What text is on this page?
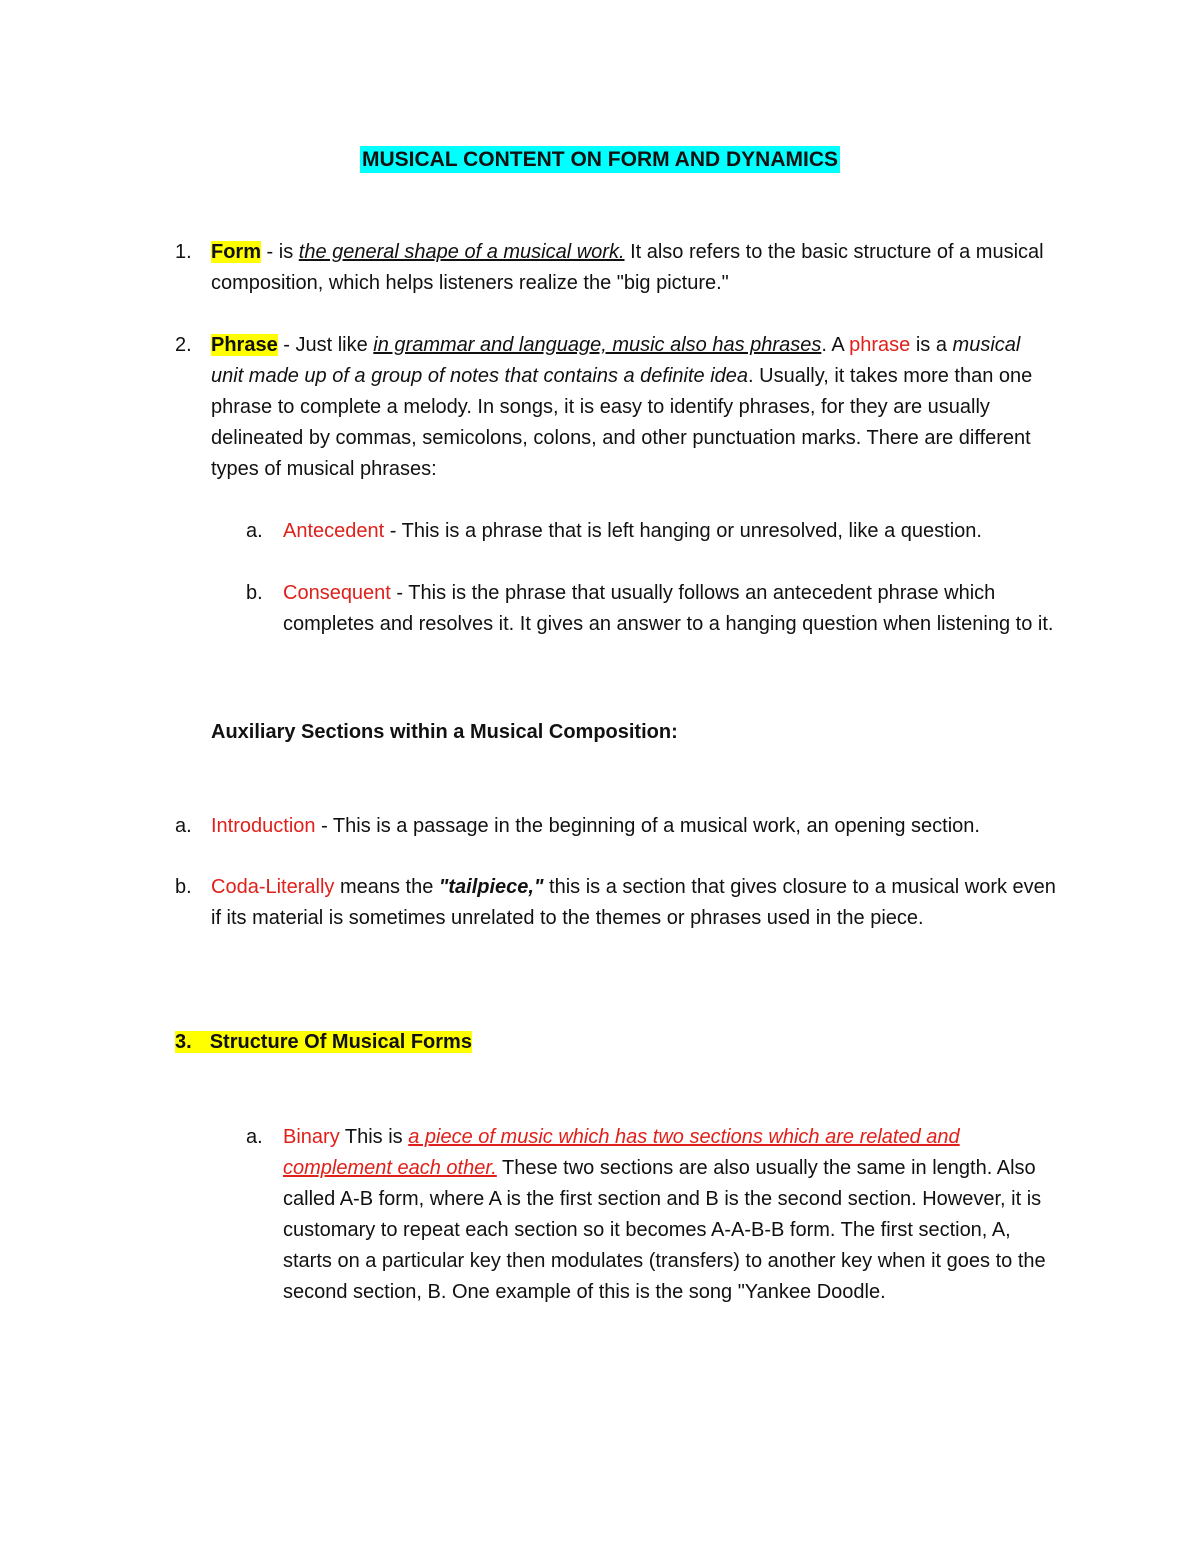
MUSICAL CONTENT ON FORM AND DYNAMICS
1. Form - is the general shape of a musical work. It also refers to the basic structure of a musical composition, which helps listeners realize the "big picture."
2. Phrase - Just like in grammar and language, music also has phrases. A phrase is a musical unit made up of a group of notes that contains a definite idea. Usually, it takes more than one phrase to complete a melody. In songs, it is easy to identify phrases, for they are usually delineated by commas, semicolons, colons, and other punctuation marks. There are different types of musical phrases:
a. Antecedent - This is a phrase that is left hanging or unresolved, like a question.
b. Consequent - This is the phrase that usually follows an antecedent phrase which completes and resolves it. It gives an answer to a hanging question when listening to it.
Auxiliary Sections within a Musical Composition:
a. Introduction - This is a passage in the beginning of a musical work, an opening section.
b. Coda-Literally means the "tailpiece," this is a section that gives closure to a musical work even if its material is sometimes unrelated to the themes or phrases used in the piece.
3. Structure Of Musical Forms
a. Binary This is a piece of music which has two sections which are related and complement each other. These two sections are also usually the same in length. Also called A-B form, where A is the first section and B is the second section. However, it is customary to repeat each section so it becomes A-A-B-B form. The first section, A, starts on a particular key then modulates (transfers) to another key when it goes to the second section, B. One example of this is the song "Yankee Doodle.
